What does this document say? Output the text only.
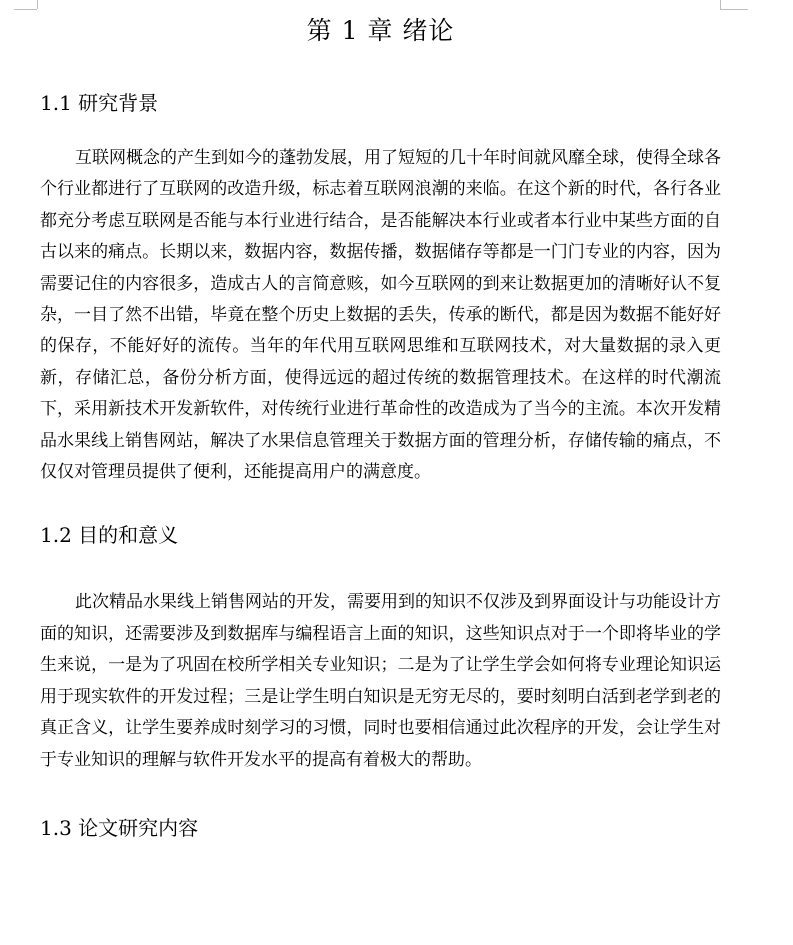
第 1 章 绪论
1.1 研究背景

互联网概念的产生到如今的蓬勃发展，用了短短的几十年时间就风靡全球，使得全球各个行业都进行了互联网的改造升级，标志着互联网浪潮的来临。在这个新的时代，各行各业都充分考虑互联网是否能与本行业进行结合，是否能解决本行业或者本行业中某些方面的自古以来的痛点。长期以来，数据内容，数据传播，数据储存等都是一门门专业的内容，因为需要记住的内容很多，造成古人的言简意赅，如今互联网的到来让数据更加的清晰好认不复杂，一目了然不出错，毕竟在整个历史上数据的丢失，传承的断代，都是因为数据不能好好的保存，不能好好的流传。当年的年代用互联网思维和互联网技术，对大量数据的录入更新，存储汇总，备份分析方面，使得远远的超过传统的数据管理技术。在这样的时代潮流下，采用新技术开发新软件，对传统行业进行革命性的改造成为了当今的主流。本次开发精品水果线上销售网站，解决了水果信息管理关于数据方面的管理分析，存储传输的痛点，不仅仅对管理员提供了便利，还能提高用户的满意度。

1.2 目的和意义

此次精品水果线上销售网站的开发，需要用到的知识不仅涉及到界面设计与功能设计方面的知识，还需要涉及到数据库与编程语言上面的知识，这些知识点对于一个即将毕业的学生来说，一是为了巩固在校所学相关专业知识；二是为了让学生学会如何将专业理论知识运用于现实软件的开发过程；三是让学生明白知识是无穷无尽的，要时刻明白活到老学到老的真正含义，让学生要养成时刻学习的习惯，同时也要相信通过此次程序的开发，会让学生对于专业知识的理解与软件开发水平的提高有着极大的帮助。

1.3 论文研究内容
